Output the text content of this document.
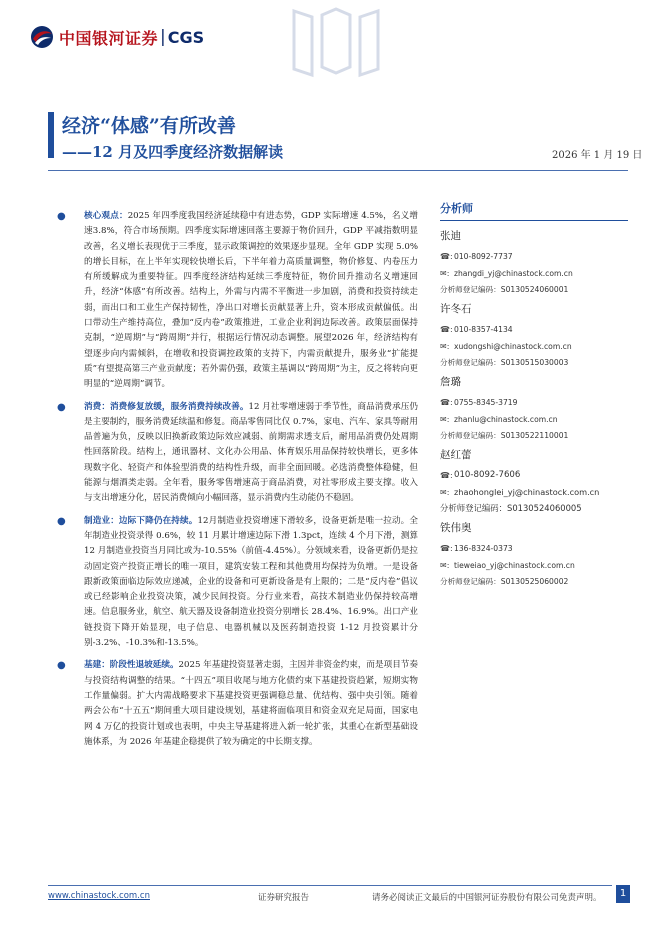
中国银河证券 | CGS
经济“体感”有所改善
——12 月及四季度经济数据解读	2026 年 1 月 19 日
● 核心观点：2025 年四季度我国经济延续稳中有进态势，GDP 实际增速 4.5%，名义增速3.8%，符合市场预期。四季度实际增速回落主要源于物价回升，GDP 平减指数明显改善，名义增长表现优于三季度，显示政策调控的效果逐步显现。全年 GDP 实现 5.0%的增长目标，在上半年实现较快增长后，下半年着力高质量调整，物价修复、内卷压力有所缓解成为重要特征。四季度经济结构延续三季度特征，物价回升推动名义增速回升，经济“体感”有所改善。结构上，外需与内需不平衡进一步加剧，消费和投资持续走弱，而出口和工业生产保持韧性，净出口对增长贡献显著上升，资本形成贡献偏低。出口带动生产维持高位，叠加“反内卷”政策推进，工业企业利润边际改善。政策层面保持克制，“逆周期”与“跨周期”并行，根据运行情况动态调整。展望2026 年，经济结构有望逐步向内需倾斜，在增收和投资调控政策的支持下，内需贡献提升，服务业“扩能提质”有望提高第三产业贡献度；若外需仍强，政策主基调以“跨周期”为主，反之将转向更明显的“逆周期”调节。
● 消费：消费修复放缓，服务消费持续改善。12 月社零增速弱于季节性，商品消费承压仍是主要制约，服务消费延续温和修复。商品零售同比仅 0.7%，家电、汽车、家具等耐用品普遍为负，反映以旧换新政策边际效应减弱、前期需求透支后，耐用品消费仍处周期性回落阶段。结构上，通讯器材、文化办公用品、体育娱乐用品保持较快增长，更多体现数字化、轻资产和体验型消费的结构性升级，而非全面回暖。必选消费整体稳健，但能源与烟酒类走弱。全年看，服务零售增速高于商品消费，对社零形成主要支撑。收入与支出增速分化，居民消费倾向小幅回落，显示消费内生动能仍不稳固。
● 制造业：边际下降仍在持续。12月制造业投资增速下滑较多，设备更新是唯一拉动。全年制造业投资录得 0.6%，较 11 月累计增速边际下滑 1.3pct，连续 4 个月下滑，测算 12 月制造业投资当月同比或为-10.55%（前值-4.45%）。分领域来看，设备更新仍是拉动固定资产投资正增长的唯一项目，建筑安装工程和其他费用均保持为负增。一是设备跟新政策面临边际效应递减，企业的设备和可更新设备是有上限的；二是“反内卷”倡议或已经影响企业投资决策，减少民间投资。分行业来看，高技术制造业仍保持较高增速。信息服务业，航空、航天器及设备制造业投资分别增长 28.4%、16.9%。出口产业链投资下降开始显现，电子信息、电器机械以及医药制造投资 1-12 月投资累计分别-3.2%、-10.3%和-13.5%。
● 基建：阶段性退坡延续。2025 年基建投资显著走弱，主因并非资金约束，而是项目节奏与投资结构调整的结果。“十四五”项目收尾与地方化债约束下基建投资趋紧，短期实物工作量偏弱。扩大内需战略要求下基建投资更强调稳总量、优结构、强中央引领。随着两会公布“十五五”期间重大项目建设规划，基建将面临项目和资金双充足局面，国家电网 4 万亿的投资计划或也表明，中央主导基建将进入新一轮扩张，其重心在新型基础设施体系，为 2026 年基建企稳提供了较为确定的中长期支撑。
分析师
张迪
☎: 010-8092-7737
✉: zhangdi_yj@chinastock.com.cn
分析师登记编码：S0130524060001
许冬石
☎: 010-8357-4134
✉: xudongshi@chinastock.com.cn
分析师登记编码：S0130515030003
詹璐
☎: 0755-8345-3719
✉: zhanlu@chinastock.com.cn
分析师登记编码：S0130522110001
赵红蕾
☎: 010-8092-7606
✉: zhaohonglei_yj@chinastock.com.cn
分析师登记编码：S0130524060005
铁伟奥
☎: 136-8324-0373
✉: tieweiao_yj@chinastock.com.cn
分析师登记编码：S0130525060002
www.chinastock.com.cn	证券研究报告	请务必阅读正文最后的中国银河证券股份有限公司免责声明。	1
